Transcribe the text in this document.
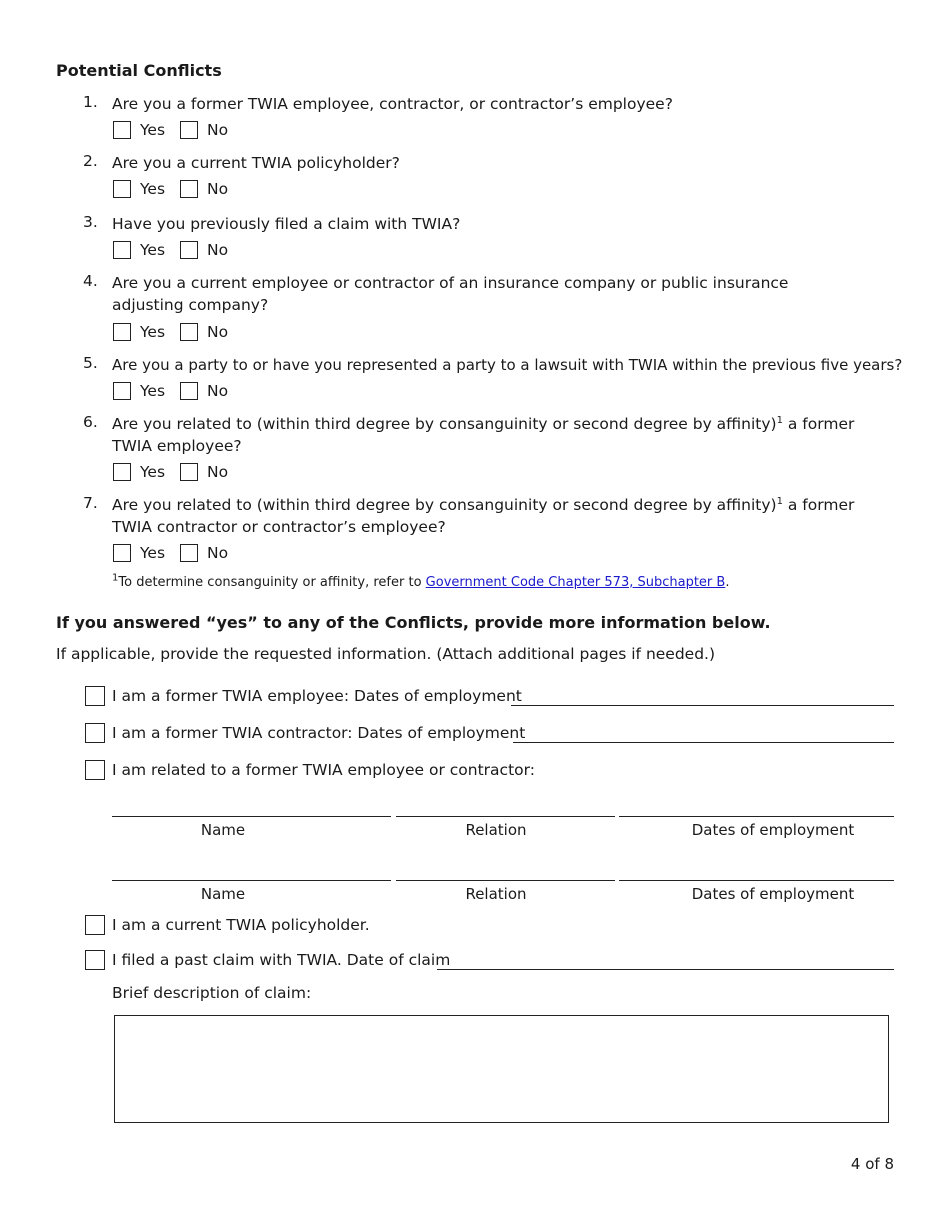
Potential Conflicts
1. Are you a former TWIA employee, contractor, or contractor’s employee?
Yes	No
2. Are you a current TWIA policyholder?
Yes	No
3. Have you previously filed a claim with TWIA?
Yes	No
4. Are you a current employee or contractor of an insurance company or public insurance adjusting company?
Yes	No
5. Are you a party to or have you represented a party to a lawsuit with TWIA within the previous five years?
Yes	No
6. Are you related to (within third degree by consanguinity or second degree by affinity)$^1$ a former TWIA employee?
Yes	No
7. Are you related to (within third degree by consanguinity or second degree by affinity)$^1$ a former TWIA contractor or contractor’s employee?
Yes	No
$^1$To determine consanguinity or affinity, refer to Government Code Chapter 573, Subchapter B.
If you answered “yes” to any of the Conflicts, provide more information below.
If applicable, provide the requested information. (Attach additional pages if needed.)
I am a former TWIA employee: Dates of employment
I am a former TWIA contractor: Dates of employment
I am related to a former TWIA employee or contractor:
Name	Relation	Dates of employment
Name	Relation	Dates of employment
I am a current TWIA policyholder.
I filed a past claim with TWIA. Date of claim
Brief description of claim:
4 of 8
